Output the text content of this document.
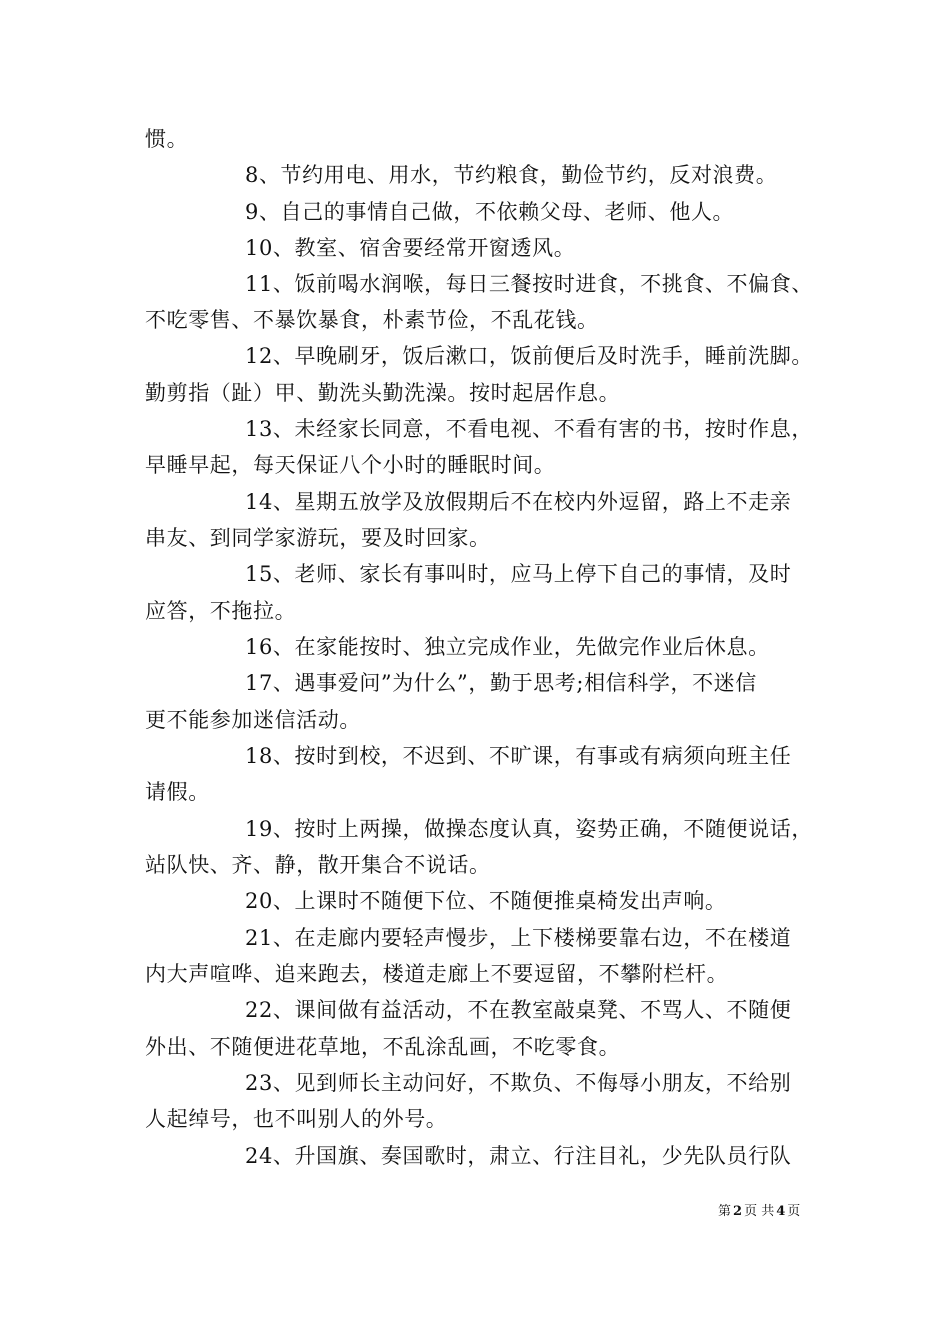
惯。
8、节约用电、用水，节约粮食，勤俭节约，反对浪费。
9、自己的事情自己做，不依赖父母、老师、他人。
10、教室、宿舍要经常开窗透风。
11、饭前喝水润喉，每日三餐按时进食，不挑食、不偏食、
不吃零售、不暴饮暴食，朴素节俭，不乱花钱。
12、早晚刷牙，饭后漱口，饭前便后及时洗手，睡前洗脚。
勤剪指（趾）甲、勤洗头勤洗澡。按时起居作息。
13、未经家长同意，不看电视、不看有害的书，按时作息，
早睡早起，每天保证八个小时的睡眠时间。
14、星期五放学及放假期后不在校内外逗留，路上不走亲
串友、到同学家游玩，要及时回家。
15、老师、家长有事叫时，应马上停下自己的事情，及时
应答，不拖拉。
16、在家能按时、独立完成作业，先做完作业后休息。
17、遇事爱问”为什么”，勤于思考;相信科学，不迷信
更不能参加迷信活动。
18、按时到校，不迟到、不旷课，有事或有病须向班主任
请假。
19、按时上两操，做操态度认真，姿势正确，不随便说话，
站队快、齐、静，散开集合不说话。
20、上课时不随便下位、不随便推桌椅发出声响。
21、在走廊内要轻声慢步，上下楼梯要靠右边，不在楼道
内大声喧哗、追来跑去，楼道走廊上不要逗留，不攀附栏杆。
22、课间做有益活动，不在教室敲桌凳、不骂人、不随便
外出、不随便进花草地，不乱涂乱画，不吃零食。
23、见到师长主动问好，不欺负、不侮辱小朋友，不给别
人起绰号，也不叫别人的外号。
24、升国旗、奏国歌时，肃立、行注目礼，少先队员行队
第 2 页 共 4 页
